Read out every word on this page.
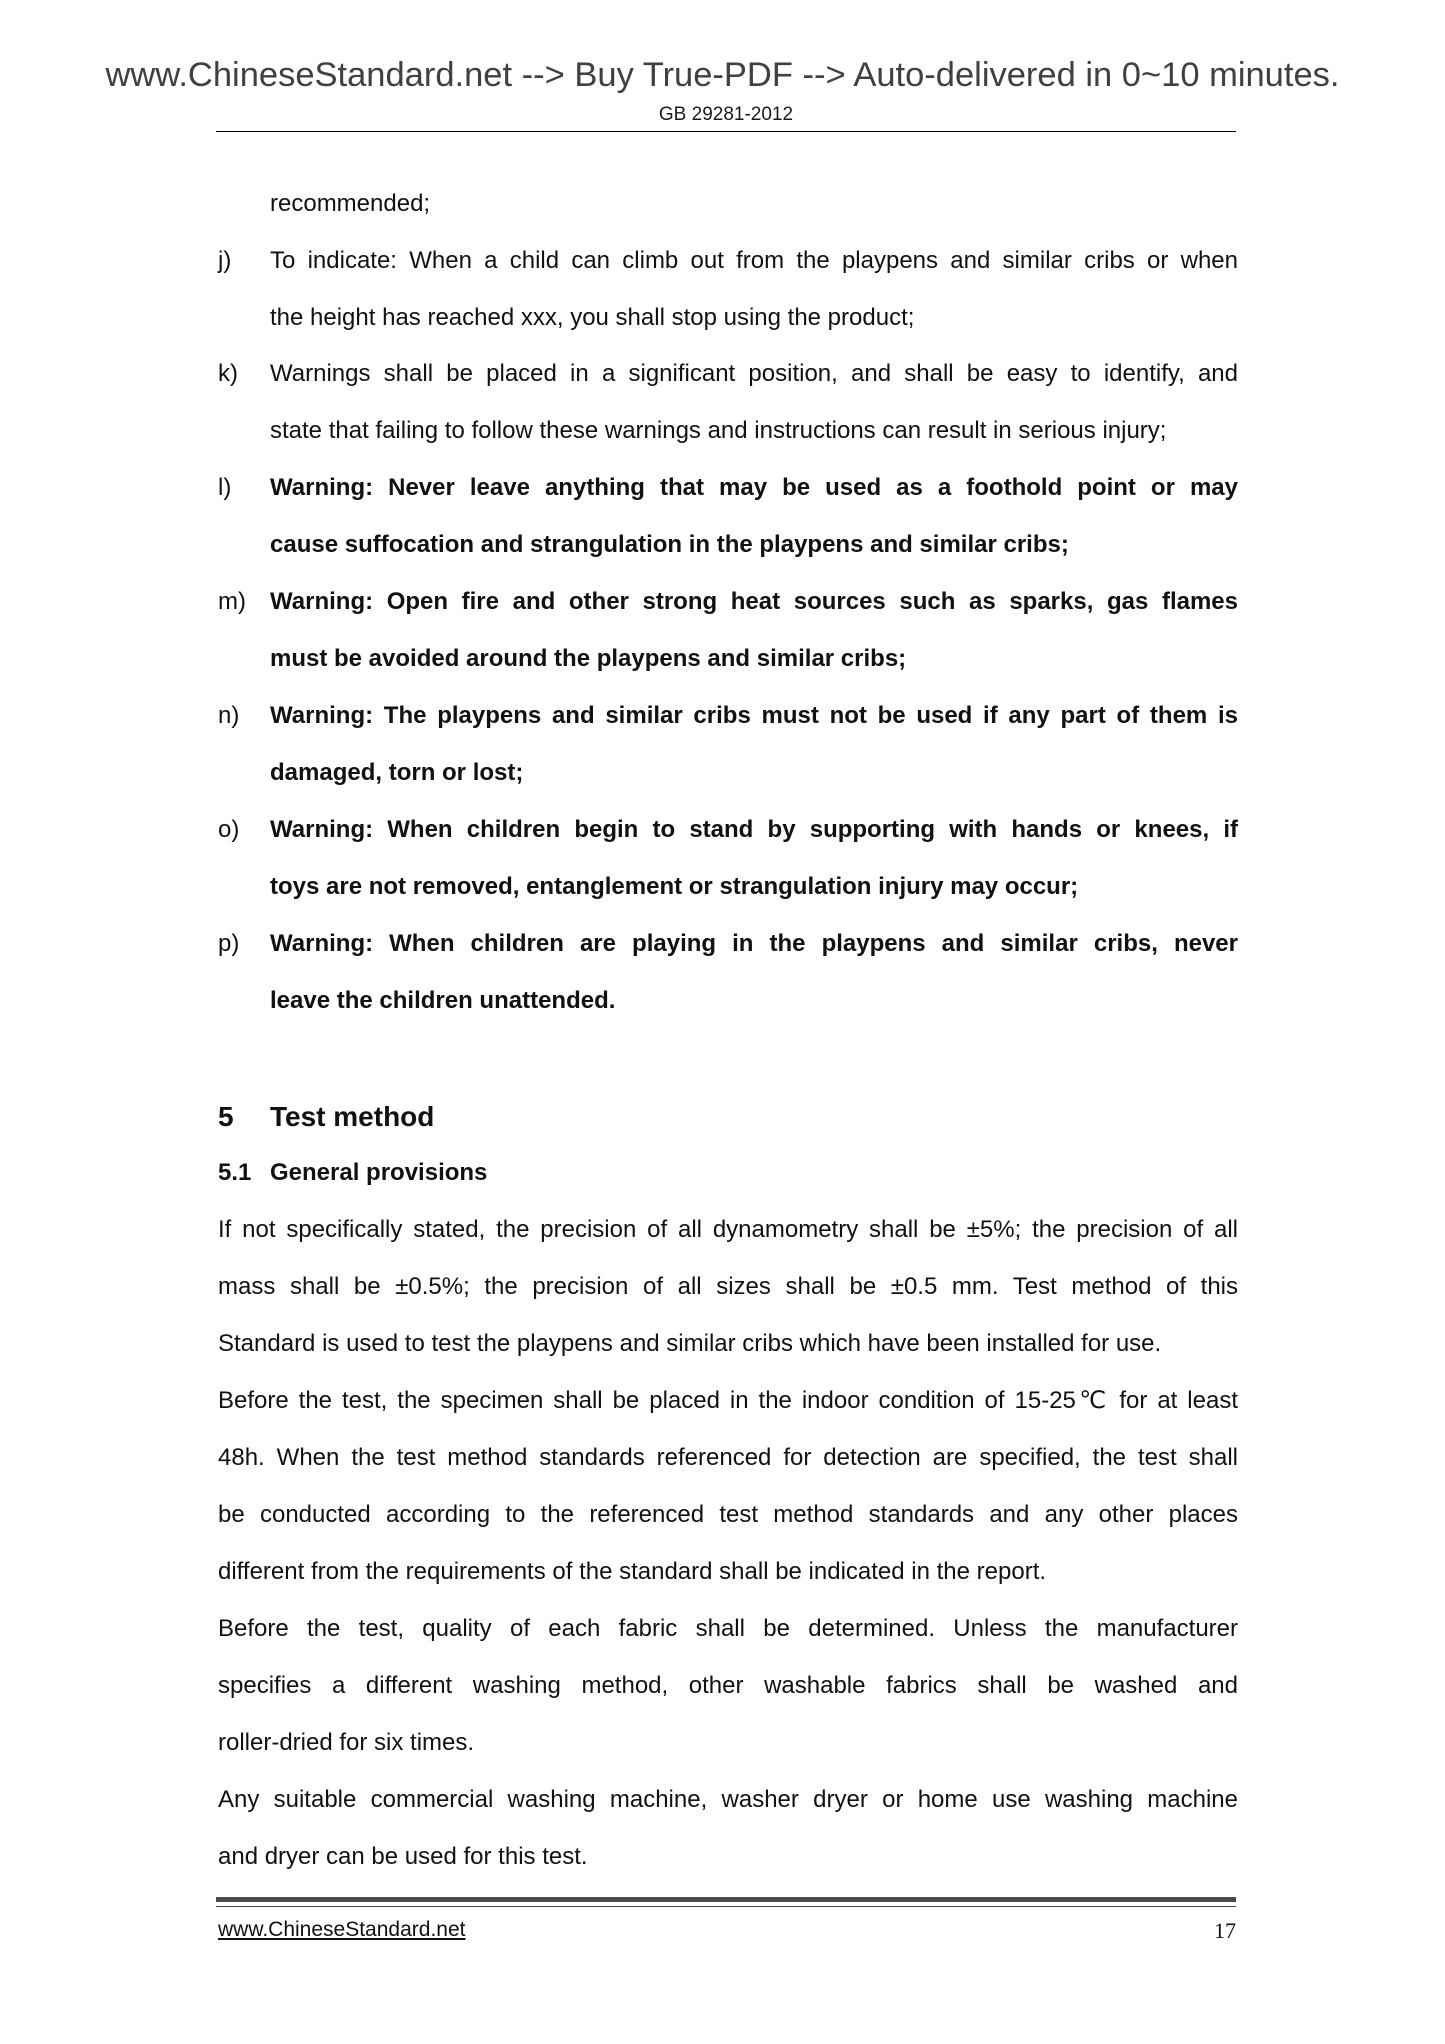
www.ChineseStandard.net --> Buy True-PDF --> Auto-delivered in 0~10 minutes.
GB 29281-2012
recommended;
j) To indicate: When a child can climb out from the playpens and similar cribs or when
the height has reached xxx, you shall stop using the product;
k) Warnings shall be placed in a significant position, and shall be easy to identify, and
state that failing to follow these warnings and instructions can result in serious injury;
l) Warning: Never leave anything that may be used as a foothold point or may
cause suffocation and strangulation in the playpens and similar cribs;
m) Warning: Open fire and other strong heat sources such as sparks, gas flames
must be avoided around the playpens and similar cribs;
n) Warning: The playpens and similar cribs must not be used if any part of them is
damaged, torn or lost;
o) Warning: When children begin to stand by supporting with hands or knees, if
toys are not removed, entanglement or strangulation injury may occur;
p) Warning: When children are playing in the playpens and similar cribs, never
leave the children unattended.
5 Test method
5.1 General provisions
If not specifically stated, the precision of all dynamometry shall be ±5%; the precision of all
mass shall be ±0.5%; the precision of all sizes shall be ±0.5 mm. Test method of this
Standard is used to test the playpens and similar cribs which have been installed for use.
Before the test, the specimen shall be placed in the indoor condition of 15-25℃ for at least
48h. When the test method standards referenced for detection are specified, the test shall
be conducted according to the referenced test method standards and any other places
different from the requirements of the standard shall be indicated in the report.
Before the test, quality of each fabric shall be determined. Unless the manufacturer
specifies a different washing method, other washable fabrics shall be washed and
roller-dried for six times.
Any suitable commercial washing machine, washer dryer or home use washing machine
and dryer can be used for this test.
www.ChineseStandard.net	17
